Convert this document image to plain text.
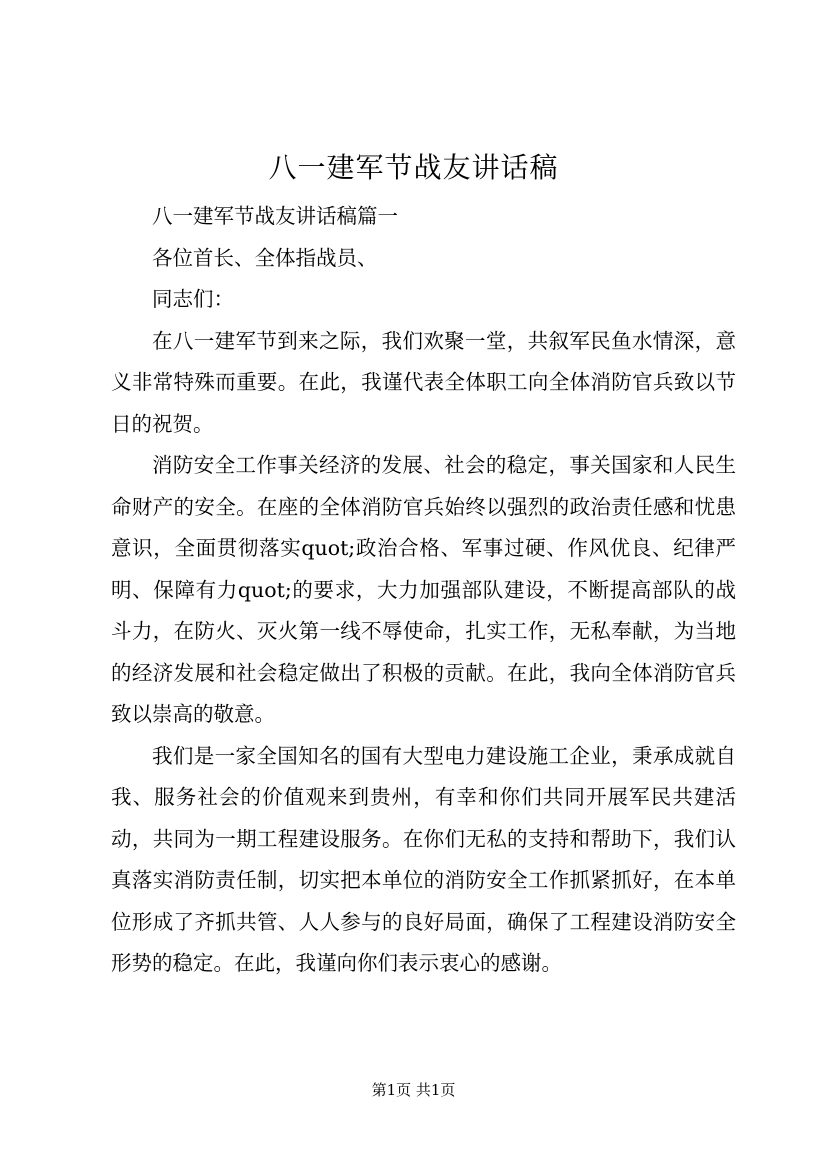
八一建军节战友讲话稿

八一建军节战友讲话稿篇一

各位首长、全体指战员、

同志们：

在八一建军节到来之际，我们欢聚一堂，共叙军民鱼水情深，意义非常特殊而重要。在此，我谨代表全体职工向全体消防官兵致以节日的祝贺。

消防安全工作事关经济的发展、社会的稳定，事关国家和人民生命财产的安全。在座的全体消防官兵始终以强烈的政治责任感和忧患意识，全面贯彻落实quot;政治合格、军事过硬、作风优良、纪律严明、保障有力quot;的要求，大力加强部队建设，不断提高部队的战斗力，在防火、灭火第一线不辱使命，扎实工作，无私奉献，为当地的经济发展和社会稳定做出了积极的贡献。在此，我向全体消防官兵致以崇高的敬意。

我们是一家全国知名的国有大型电力建设施工企业，秉承成就自我、服务社会的价值观来到贵州，有幸和你们共同开展军民共建活动，共同为一期工程建设服务。在你们无私的支持和帮助下，我们认真落实消防责任制，切实把本单位的消防安全工作抓紧抓好，在本单位形成了齐抓共管、人人参与的良好局面，确保了工程建设消防安全形势的稳定。在此，我谨向你们表示衷心的感谢。

第1页 共1页
